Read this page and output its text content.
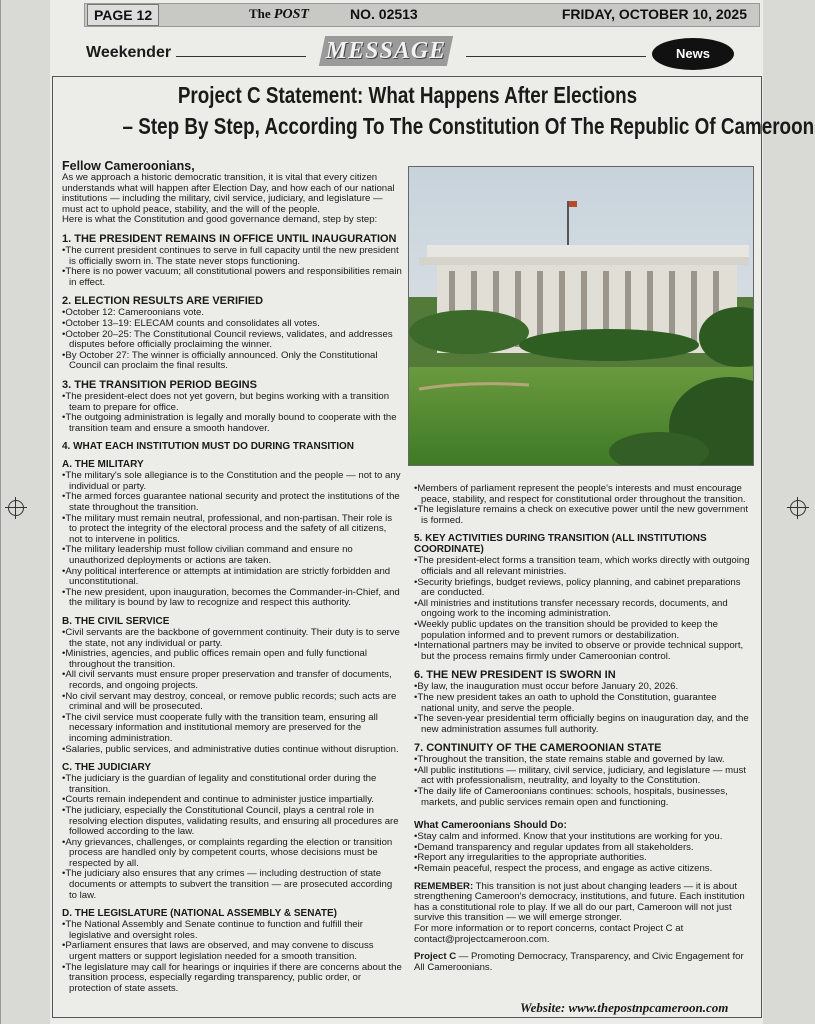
PAGE 12	The POST	NO. 02513	FRIDAY, OCTOBER 10, 2025
Weekender	MESSAGE	News
Project C Statement: What Happens After Elections
– Step By Step, According To The Constitution Of The Republic Of Cameroon

Fellow Cameroonians,

As we approach a historic democratic transition, it is vital that every citizen understands what will happen after Election Day, and how each of our national institutions — including the military, civil service, judiciary, and legislature — must act to uphold peace, stability, and the will of the people.

Here is what the Constitution and good governance demand, step by step:

1. THE PRESIDENT REMAINS IN OFFICE UNTIL INAUGURATION

• The current president continues to serve in full capacity until the new president is officially sworn in. The state never stops functioning.
• There is no power vacuum; all constitutional powers and responsibilities remain in effect.

2. ELECTION RESULTS ARE VERIFIED

• October 12: Cameroonians vote.
• October 13–19: ELECAM counts and consolidates all votes.
• October 20–25: The Constitutional Council reviews, validates, and addresses disputes before officially proclaiming the winner.
• By October 27: The winner is officially announced. Only the Constitutional Council can proclaim the final results.

3. THE TRANSITION PERIOD BEGINS

• The president-elect does not yet govern, but begins working with a transition team to prepare for office.
• The outgoing administration is legally and morally bound to cooperate with the transition team and ensure a smooth handover.

4. WHAT EACH INSTITUTION MUST DO DURING TRANSITION

A. THE MILITARY

• The military's sole allegiance is to the Constitution and the people — not to any individual or party.
• The armed forces guarantee national security and protect the institutions of the state throughout the transition.
• The military must remain neutral, professional, and non-partisan. Their role is to protect the integrity of the electoral process and the safety of all citizens, not to intervene in politics.
• The military leadership must follow civilian command and ensure no unauthorized deployments or actions are taken.
• Any political interference or attempts at intimidation are strictly forbidden and unconstitutional.
• The new president, upon inauguration, becomes the Commander-in-Chief, and the military is bound by law to recognize and respect this authority.

B. THE CIVIL SERVICE

• Civil servants are the backbone of government continuity. Their duty is to serve the state, not any individual or party.
• Ministries, agencies, and public offices remain open and fully functional throughout the transition.
• All civil servants must ensure proper preservation and transfer of documents, records, and ongoing projects.
• No civil servant may destroy, conceal, or remove public records; such acts are criminal and will be prosecuted.
• The civil service must cooperate fully with the transition team, ensuring all necessary information and institutional memory are preserved for the incoming administration.
• Salaries, public services, and administrative duties continue without disruption.

C. THE JUDICIARY

• The judiciary is the guardian of legality and constitutional order during the transition.
• Courts remain independent and continue to administer justice impartially.
• The judiciary, especially the Constitutional Council, plays a central role in resolving election disputes, validating results, and ensuring all procedures are followed according to the law.
• Any grievances, challenges, or complaints regarding the election or transition process are handled only by competent courts, whose decisions must be respected by all.
• The judiciary also ensures that any crimes — including destruction of state documents or attempts to subvert the transition — are prosecuted according to law.

D. THE LEGISLATURE (NATIONAL ASSEMBLY & SENATE)

• The National Assembly and Senate continue to function and fulfill their legislative and oversight roles.
• Parliament ensures that laws are observed, and may convene to discuss urgent matters or support legislation needed for a smooth transition.
• The legislature may call for hearings or inquiries if there are concerns about the transition process, especially regarding transparency, public order, or protection of state assets.
• Members of parliament represent the people's interests and must encourage peace, stability, and respect for constitutional order throughout the transition.
• The legislature remains a check on executive power until the new government is formed.

5. KEY ACTIVITIES DURING TRANSITION (ALL INSTITUTIONS COORDINATE)

• The president-elect forms a transition team, which works directly with outgoing officials and all relevant ministries.
• Security briefings, budget reviews, policy planning, and cabinet preparations are conducted.
• All ministries and institutions transfer necessary records, documents, and ongoing work to the incoming administration.
• Weekly public updates on the transition should be provided to keep the population informed and to prevent rumors or destabilization.
• International partners may be invited to observe or provide technical support, but the process remains firmly under Cameroonian control.

6. THE NEW PRESIDENT IS SWORN IN

• By law, the inauguration must occur before January 20, 2026.
• The new president takes an oath to uphold the Constitution, guarantee national unity, and serve the people.
• The seven-year presidential term officially begins on inauguration day, and the new administration assumes full authority.

7. CONTINUITY OF THE CAMEROONIAN STATE

• Throughout the transition, the state remains stable and governed by law.
• All public institutions — military, civil service, judiciary, and legislature — must act with professionalism, neutrality, and loyalty to the Constitution.
• The daily life of Cameroonians continues: schools, hospitals, businesses, markets, and public services remain open and functioning.

What Cameroonians Should Do:

• Stay calm and informed. Know that your institutions are working for you.
• Demand transparency and regular updates from all stakeholders.
• Report any irregularities to the appropriate authorities.
• Remain peaceful, respect the process, and engage as active citizens.

REMEMBER: This transition is not just about changing leaders — it is about strengthening Cameroon's democracy, institutions, and future. Each institution has a constitutional role to play. If we all do our part, Cameroon will not just survive this transition — we will emerge stronger.

For more information or to report concerns, contact Project C at contact@projectcameroon.com.

Project C — Promoting Democracy, Transparency, and Civic Engagement for All Cameroonians.

Website: www.thepostnpcameroon.com
